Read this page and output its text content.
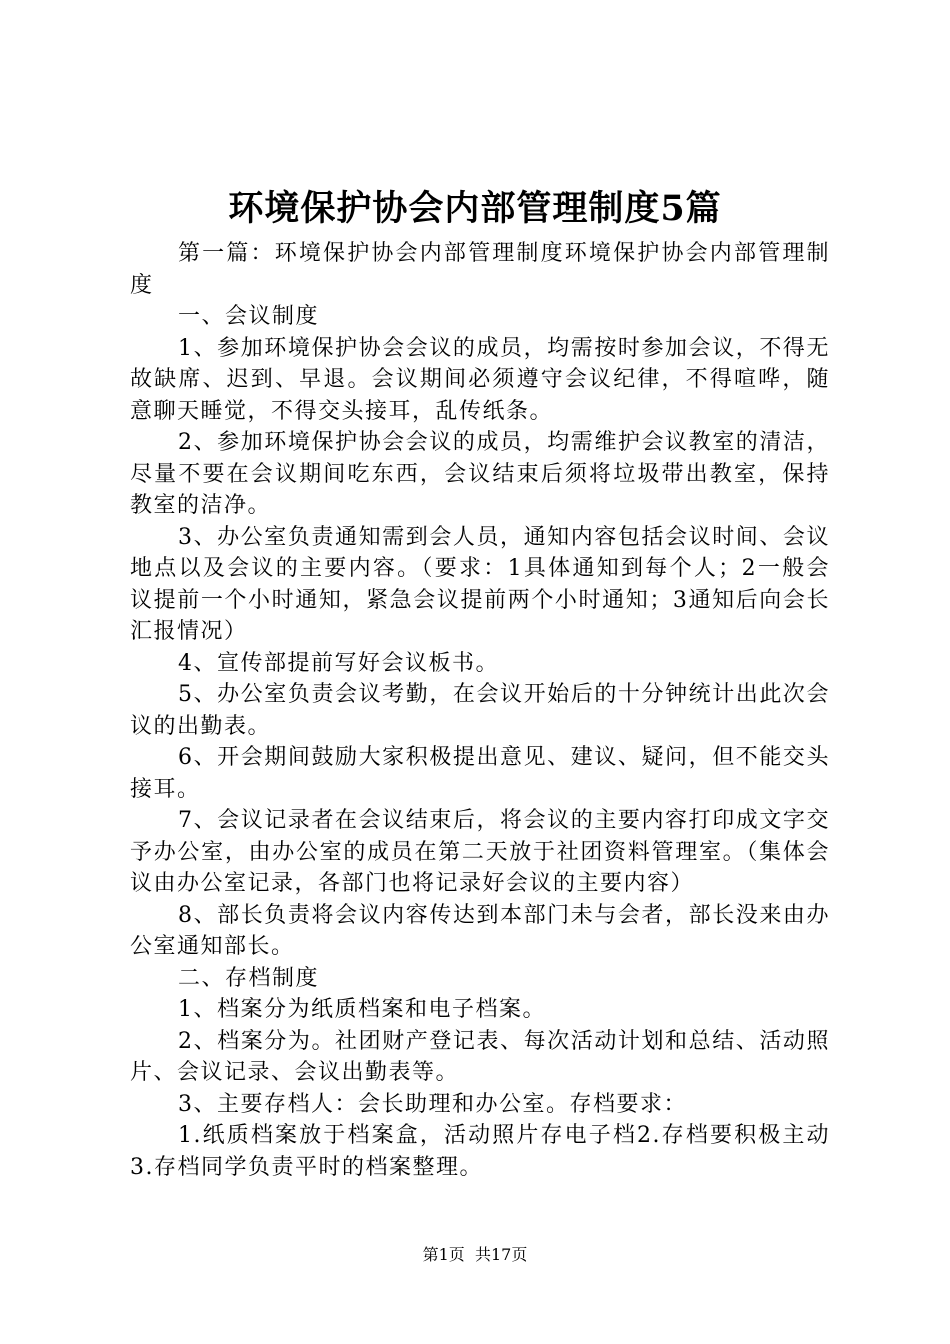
环境保护协会内部管理制度5篇

第一篇：环境保护协会内部管理制度环境保护协会内部管理制度

一、会议制度

1、参加环境保护协会会议的成员，均需按时参加会议，不得无故缺席、迟到、早退。会议期间必须遵守会议纪律，不得喧哗，随意聊天睡觉，不得交头接耳，乱传纸条。

2、参加环境保护协会会议的成员，均需维护会议教室的清洁，尽量不要在会议期间吃东西，会议结束后须将垃圾带出教室，保持教室的洁净。

3、办公室负责通知需到会人员，通知内容包括会议时间、会议地点以及会议的主要内容。（要求：1具体通知到每个人；2一般会议提前一个小时通知，紧急会议提前两个小时通知；3通知后向会长汇报情况）

4、宣传部提前写好会议板书。

5、办公室负责会议考勤，在会议开始后的十分钟统计出此次会议的出勤表。

6、开会期间鼓励大家积极提出意见、建议、疑问，但不能交头接耳。

7、会议记录者在会议结束后，将会议的主要内容打印成文字交予办公室，由办公室的成员在第二天放于社团资料管理室。（集体会议由办公室记录，各部门也将记录好会议的主要内容）

8、部长负责将会议内容传达到本部门未与会者，部长没来由办公室通知部长。

二、存档制度

1、档案分为纸质档案和电子档案。

2、档案分为。社团财产登记表、每次活动计划和总结、活动照片、会议记录、会议出勤表等。

3、主要存档人：会长助理和办公室。存档要求：

1.纸质档案放于档案盒，活动照片存电子档2.存档要积极主动3.存档同学负责平时的档案整理。

第1页 共17页
